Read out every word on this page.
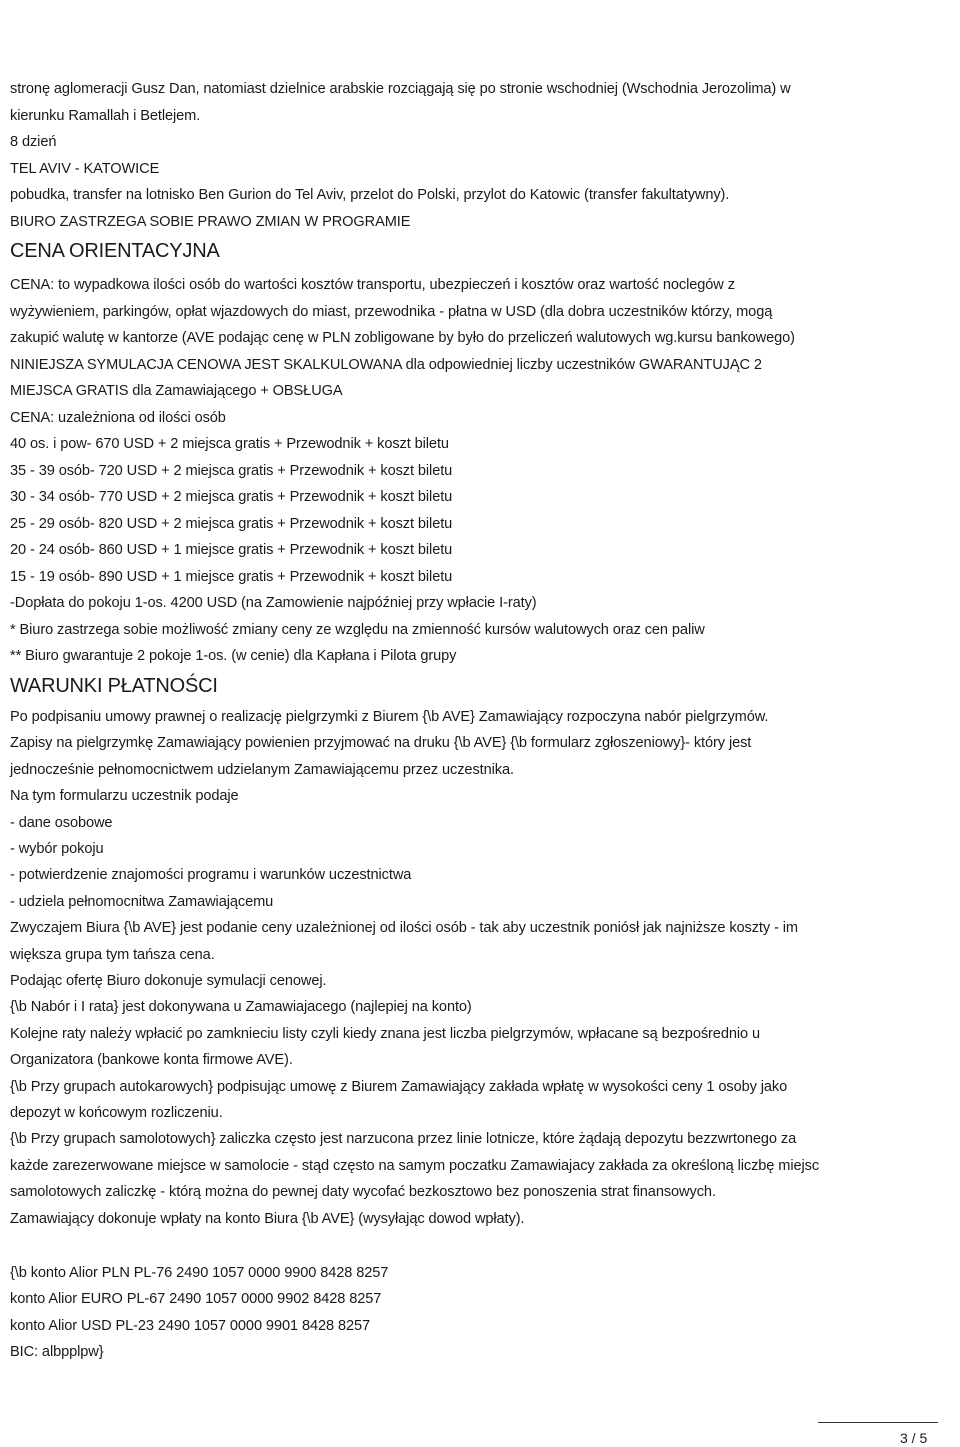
stronę aglomeracji Gusz Dan, natomiast dzielnice arabskie rozciągają się po stronie wschodniej (Wschodnia Jerozolima) w
kierunku Ramallah i Betlejem.
8 dzień
TEL AVIV - KATOWICE
pobudka, transfer na lotnisko Ben Gurion do Tel Aviv, przelot do Polski, przylot do Katowic (transfer fakultatywny).
BIURO ZASTRZEGA SOBIE PRAWO ZMIAN W PROGRAMIE
CENA ORIENTACYJNA
CENA: to wypadkowa ilości osób do wartości kosztów transportu, ubezpieczeń i kosztów oraz wartość noclegów z
wyżywieniem, parkingów, opłat wjazdowych do miast, przewodnika - płatna w USD (dla dobra uczestników którzy, mogą
zakupić walutę w kantorze (AVE podając cenę w PLN zobligowane by było do przeliczeń walutowych wg.kursu bankowego)
NINIEJSZA SYMULACJA CENOWA JEST SKALKULOWANA dla odpowiedniej liczby uczestników GWARANTUJĄC 2
MIEJSCA GRATIS dla Zamawiającego + OBSŁUGA
CENA: uzależniona od ilości osób
40 os. i pow- 670 USD + 2 miejsca gratis + Przewodnik + koszt biletu
35 - 39 osób- 720 USD + 2 miejsca gratis + Przewodnik + koszt biletu
30 - 34 osób- 770 USD + 2 miejsca gratis + Przewodnik + koszt biletu
25 - 29 osób- 820 USD + 2 miejsca gratis + Przewodnik + koszt biletu
20 - 24 osób- 860 USD + 1 miejsce gratis + Przewodnik + koszt biletu
15 - 19 osób- 890 USD + 1 miejsce gratis + Przewodnik + koszt biletu
-Dopłata do pokoju 1-os. 4200 USD (na Zamowienie najpóźniej przy wpłacie I-raty)
* Biuro zastrzega sobie możliwość zmiany ceny ze względu na zmienność kursów walutowych oraz cen paliw
** Biuro gwarantuje 2 pokoje 1-os. (w cenie) dla Kapłana i Pilota grupy
WARUNKI PŁATNOŚCI
Po podpisaniu umowy prawnej o realizację pielgrzymki z Biurem {\b AVE} Zamawiający rozpoczyna nabór pielgrzymów.
Zapisy na pielgrzymkę Zamawiający powienien przyjmować na druku {\b AVE} {\b formularz zgłoszeniowy}- który jest
jednocześnie pełnomocnictwem udzielanym Zamawiającemu przez uczestnika.
Na tym formularzu uczestnik podaje
- dane osobowe
- wybór pokoju
- potwierdzenie znajomości programu i warunków uczestnictwa
- udziela pełnomocnitwa Zamawiającemu
Zwyczajem Biura {\b AVE} jest podanie ceny uzależnionej od ilości osób - tak aby uczestnik poniósł jak najniższe koszty - im
większa grupa tym tańsza cena.
Podając ofertę Biuro dokonuje symulacji cenowej.
{\b Nabór i I rata} jest dokonywana u Zamawiajacego (najlepiej na konto)
Kolejne raty należy wpłacić po zamknieciu listy czyli kiedy znana jest liczba pielgrzymów, wpłacane są bezpośrednio u
Organizatora (bankowe konta firmowe AVE).
{\b Przy grupach autokarowych} podpisując umowę z Biurem Zamawiający zakłada wpłatę w wysokości ceny 1 osoby jako
depozyt w końcowym rozliczeniu.
{\b Przy grupach samolotowych} zaliczka często jest narzucona przez linie lotnicze, które żądają depozytu bezzwrtonego za
każde zarezerwowane miejsce w samolocie - stąd często na samym poczatku Zamawiajacy zakłada za określoną liczbę miejsc
samolotowych zaliczkę - którą można do pewnej daty wycofać bezkosztowo bez ponoszenia strat finansowych.
Zamawiający dokonuje wpłaty na konto Biura {\b AVE} (wysyłając dowod wpłaty).
{\b konto Alior PLN PL-76 2490 1057 0000 9900 8428 8257
konto Alior EURO PL-67 2490 1057 0000 9902 8428 8257
konto Alior USD PL-23 2490 1057 0000 9901 8428 8257
BIC: albpplpw}
3 / 5
